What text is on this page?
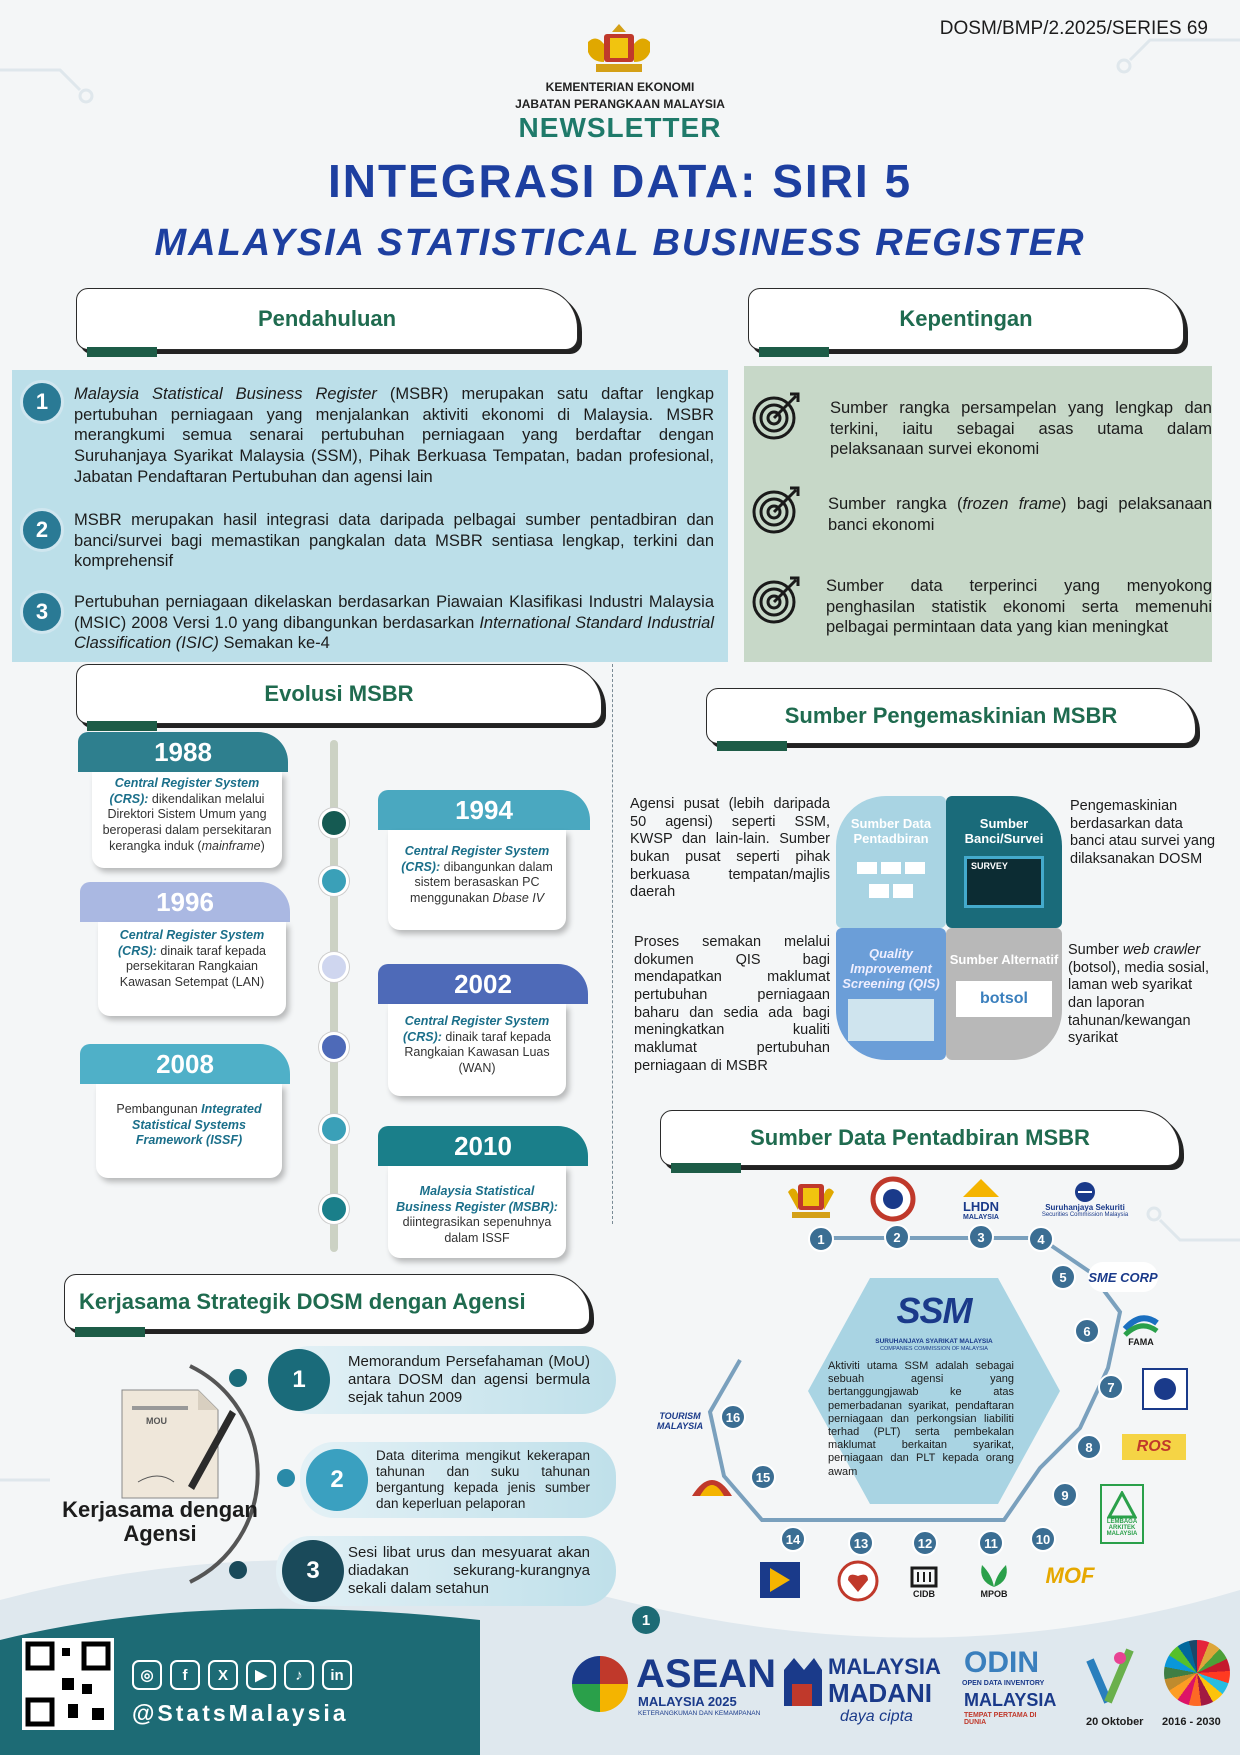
DOSM/BMP/2.2025/SERIES 69
KEMENTERIAN EKONOMI
JABATAN PERANGKAAN MALAYSIA
NEWSLETTER
INTEGRASI DATA: SIRI 5
MALAYSIA STATISTICAL BUSINESS REGISTER
Pendahuluan
1	Malaysia Statistical Business Register (MSBR) merupakan satu daftar lengkap pertubuhan perniagaan yang menjalankan aktiviti ekonomi di Malaysia. MSBR merangkumi semua senarai pertubuhan perniagaan yang berdaftar dengan Suruhanjaya Syarikat Malaysia (SSM), Pihak Berkuasa Tempatan, badan profesional, Jabatan Pendaftaran Pertubuhan dan agensi lain
2	MSBR merupakan hasil integrasi data daripada pelbagai sumber pentadbiran dan banci/survei bagi memastikan pangkalan data MSBR sentiasa lengkap, terkini dan komprehensif
3	Pertubuhan perniagaan dikelaskan berdasarkan Piawaian Klasifikasi Industri Malaysia (MSIC) 2008 Versi 1.0 yang dibangunkan berdasarkan International Standard Industrial Classification (ISIC) Semakan ke-4
Kepentingan
Sumber rangka persampelan yang lengkap dan terkini, iaitu sebagai asas utama dalam pelaksanaan survei ekonomi
Sumber rangka (frozen frame) bagi pelaksanaan banci ekonomi
Sumber data terperinci yang menyokong penghasilan statistik ekonomi serta memenuhi pelbagai permintaan data yang kian meningkat
Evolusi MSBR
1988
Central Register System (CRS): dikendalikan melalui Direktori Sistem Umum yang beroperasi dalam persekitaran kerangka induk (mainframe)
1994
Central Register System (CRS): dibangunkan dalam sistem berasaskan PC menggunakan Dbase IV
1996
Central Register System (CRS): dinaik taraf kepada persekitaran Rangkaian Kawasan Setempat (LAN)	2002
Central Register System (CRS): dinaik taraf kepada Rangkaian Kawasan Luas (WAN)
2008
Pembangunan Integrated Statistical Systems Framework (ISSF)	2010
Malaysia Statistical Business Register (MSBR): diintegrasikan sepenuhnya dalam ISSF
Sumber Pengemaskinian MSBR
Agensi pusat (lebih daripada 50 agensi) seperti SSM, KWSP dan lain-lain. Sumber bukan pusat seperti pihak berkuasa tempatan/majlis daerah
Sumber Data Pentadbiran
Sumber Banci/Survei
SURVEY
Pengemaskinian berdasarkan data banci atau survei yang dilaksanakan DOSM
Proses semakan melalui dokumen QIS bagi mendapatkan maklumat pertubuhan perniagaan baharu dan sedia ada bagi meningkatkan kualiti maklumat pertubuhan perniagaan di MSBR
Quality Improvement Screening (QIS)
Sumber Alternatif
botsol
Sumber web crawler (botsol), media sosial, laman web syarikat dan laporan tahunan/kewangan syarikat
Sumber Data Pentadbiran MSBR
1	2	3	4
5
6
7
8
9
10
11
12
13
14
15
16
LHDN
MALAYSIA
Suruhanjaya Sekuriti
Securities Commission Malaysia
SME CORP
FAMA
ROS
LEMBAGA ARKITEK MALAYSIA
MOF
MPOB
CIDB
TOURISM MALAYSIA
SSM
SURUHANJAYA SYARIKAT MALAYSIA
COMPANIES COMMISSION OF MALAYSIA
Aktiviti utama SSM adalah sebagai sebuah agensi yang bertanggungjawab ke atas pemerbadanan syarikat, pendaftaran perniagaan dan perkongsian liabiliti terhad (PLT) serta pembekalan maklumat berkaitan syarikat, perniagaan dan PLT kepada orang awam
Kerjasama Strategik DOSM dengan Agensi
MOU
Kerjasama dengan Agensi
Memorandum Persefahaman (MoU) antara DOSM dan agensi bermula sejak tahun 2009
1
Data diterima mengikut kekerapan tahunan dan suku tahunan bergantung kepada jenis sumber dan keperluan pelaporan
2
Sesi libat urus dan mesyuarat akan diadakan sekurang-kurangnya sekali dalam setahun
3
1
◎	f	X	▶	♪	in
@StatsMalaysia
ASEAN
MALAYSIA 2025
KETERANGKUMAN DAN KEMAMPANAN
MALAYSIA
MADANI
daya cipta
ODIN
OPEN DATA INVENTORY
MALAYSIA
TEMPAT PERTAMA DI DUNIA	20 Oktober 2016 - 2030
